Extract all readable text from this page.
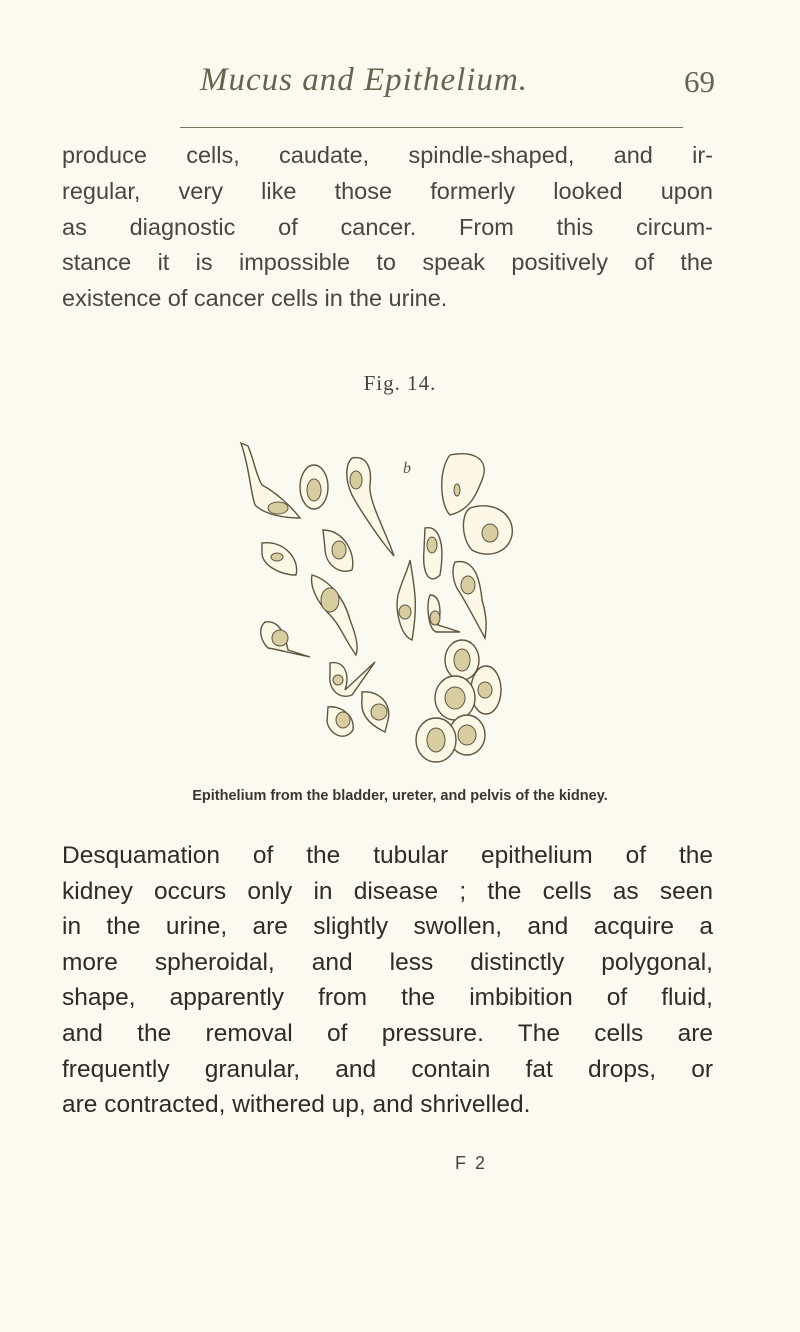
Mucus and Epithelium.	69
produce cells, caudate, spindle-shaped, and ir-
regular, very like those formerly looked upon
as diagnostic of cancer. From this circum-
stance it is impossible to speak positively of the
existence of cancer cells in the urine.
Fig. 14.
b
Epithelium from the bladder, ureter, and pelvis of the kidney.
Desquamation of the tubular epithelium of the
kidney occurs only in disease ; the cells as seen
in the urine, are slightly swollen, and acquire a
more spheroidal, and less distinctly polygonal,
shape, apparently from the imbibition of fluid,
and the removal of pressure. The cells are
frequently granular, and contain fat drops, or
are contracted, withered up, and shrivelled.
F 2
